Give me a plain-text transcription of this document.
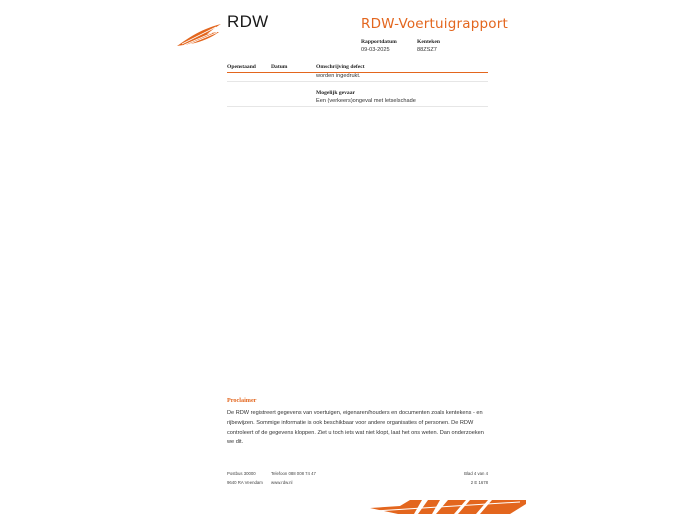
RDW	RDW-Voertuigrapport
Rapportdatum
09-03-2025
Kenteken
88ZSZ7
Openstaand	Datum	Omschrijving defect
worden ingedrukt.
Mogelijk gevaar
Een (verkeers)ongeval met letselschade
Proclaimer
De RDW registreert gegevens van voertuigen, eigenaren/houders en documenten zoals kentekens - en rijbewijzen. Sommige informatie is ook beschikbaar voor andere organisaties of personen. De RDW controleert of de gegevens kloppen. Ziet u toch iets wat niet klopt, laat het ons weten. Dan onderzoeken we dit.
Postbus 30000
9640 RA Veendam
Telefoon 088 008 74 47
www.rdw.nl
Blad 4 van 4
2 E 1678
